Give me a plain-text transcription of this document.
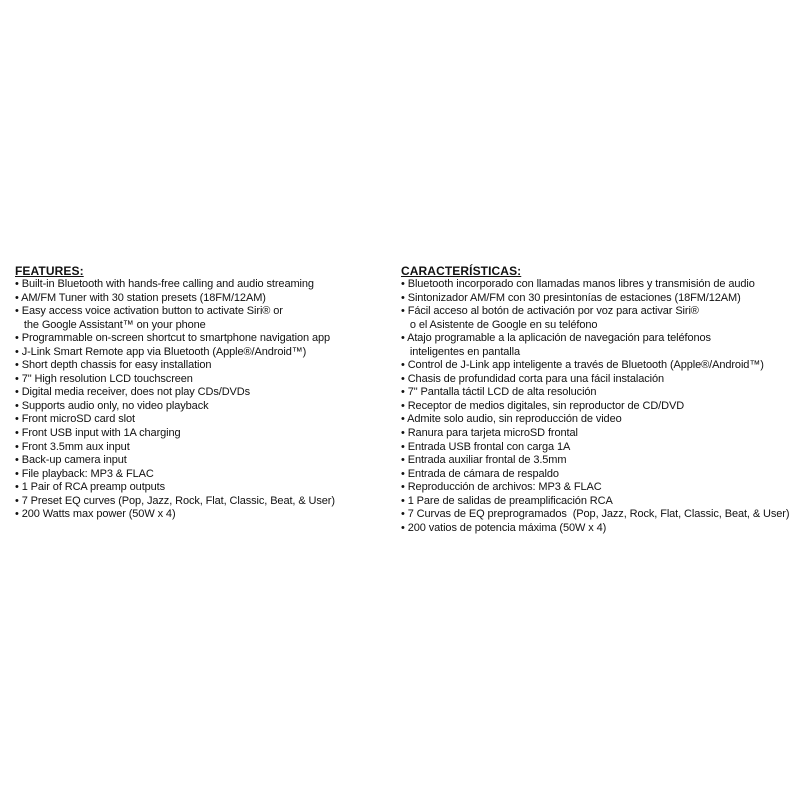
FEATURES:
• Built-in Bluetooth with hands-free calling and audio streaming
• AM/FM Tuner with 30 station presets (18FM/12AM)
• Easy access voice activation button to activate Siri® or
the Google Assistant™ on your phone
• Programmable on-screen shortcut to smartphone navigation app
• J-Link Smart Remote app via Bluetooth (Apple®/Android™)
• Short depth chassis for easy installation
• 7" High resolution LCD touchscreen
• Digital media receiver, does not play CDs/DVDs
• Supports audio only, no video playback
• Front microSD card slot
• Front USB input with 1A charging
• Front 3.5mm aux input
• Back-up camera input
• File playback: MP3 & FLAC
• 1 Pair of RCA preamp outputs
• 7 Preset EQ curves (Pop, Jazz, Rock, Flat, Classic, Beat, & User)
• 200 Watts max power (50W x 4)
CARACTERÍSTICAS:
• Bluetooth incorporado con llamadas manos libres y transmisión de audio
• Sintonizador AM/FM con 30 presintonías de estaciones (18FM/12AM)
• Fácil acceso al botón de activación por voz para activar Siri®
o el Asistente de Google en su teléfono
• Atajo programable a la aplicación de navegación para teléfonos
inteligentes en pantalla
• Control de J-Link app inteligente a través de Bluetooth (Apple®/Android™)
• Chasis de profundidad corta para una fácil instalación
• 7" Pantalla táctil LCD de alta resolución
• Receptor de medios digitales, sin reproductor de CD/DVD
• Admite solo audio, sin reproducción de video
• Ranura para tarjeta microSD frontal
• Entrada USB frontal con carga 1A
• Entrada auxiliar frontal de 3.5mm
• Entrada de cámara de respaldo
• Reproducción de archivos: MP3 & FLAC
• 1 Pare de salidas de preamplificación RCA
• 7 Curvas de EQ preprogramados  (Pop, Jazz, Rock, Flat, Classic, Beat, & User)
• 200 vatios de potencia máxima (50W x 4)
